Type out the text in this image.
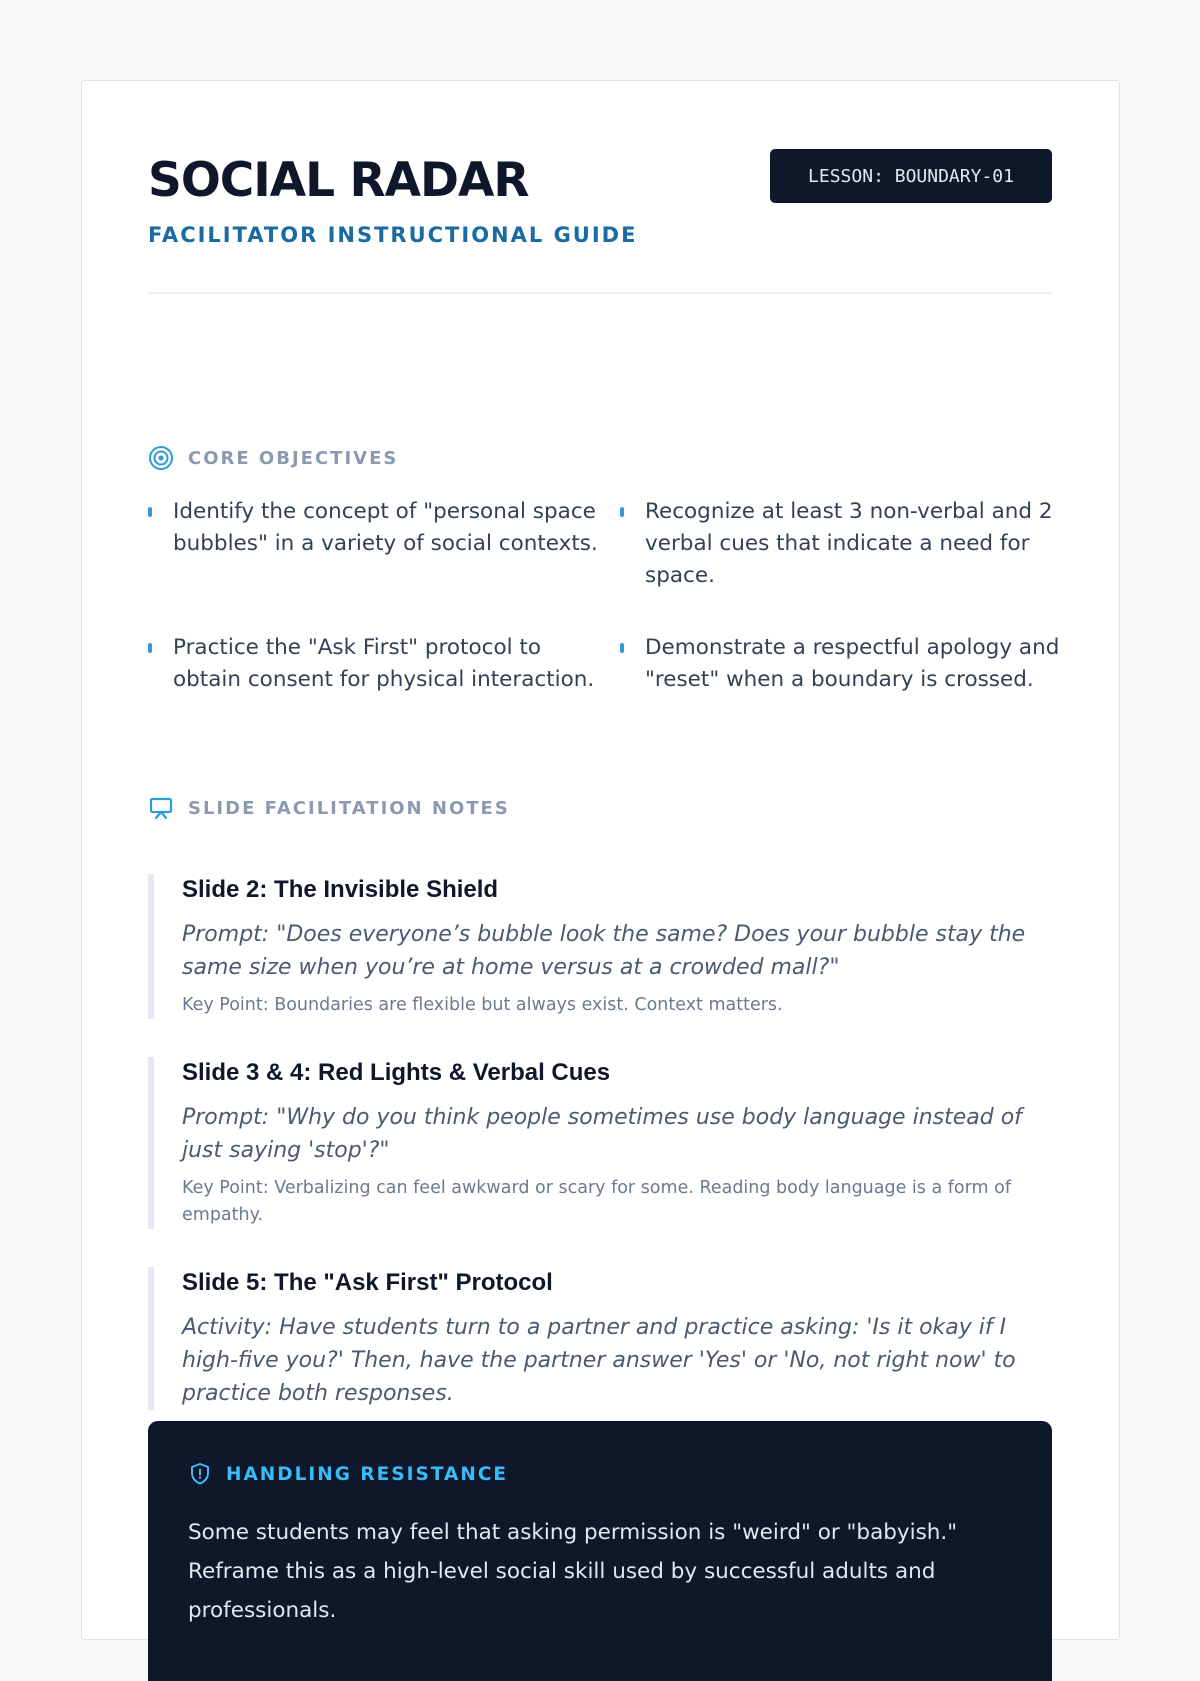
SOCIAL RADAR
FACILITATOR INSTRUCTIONAL GUIDE
LESSON: BOUNDARY-01
CORE OBJECTIVES
Identify the concept of "personal space bubbles" in a variety of social contexts.
Recognize at least 3 non-verbal and 2 verbal cues that indicate a need for space.
Practice the "Ask First" protocol to obtain consent for physical interaction.
Demonstrate a respectful apology and "reset" when a boundary is crossed.
SLIDE FACILITATION NOTES
Slide 2: The Invisible Shield
Prompt: "Does everyone’s bubble look the same? Does your bubble stay the same size when you’re at home versus at a crowded mall?"
Key Point: Boundaries are flexible but always exist. Context matters.
Slide 3 & 4: Red Lights & Verbal Cues
Prompt: "Why do you think people sometimes use body language instead of just saying 'stop'?"
Key Point: Verbalizing can feel awkward or scary for some. Reading body language is a form of empathy.
Slide 5: The "Ask First" Protocol
Activity: Have students turn to a partner and practice asking: 'Is it okay if I high-five you?' Then, have the partner answer 'Yes' or 'No, not right now' to practice both responses.
HANDLING RESISTANCE
Some students may feel that asking permission is "weird" or "babyish." Reframe this as a high-level social skill used by successful adults and professionals.
